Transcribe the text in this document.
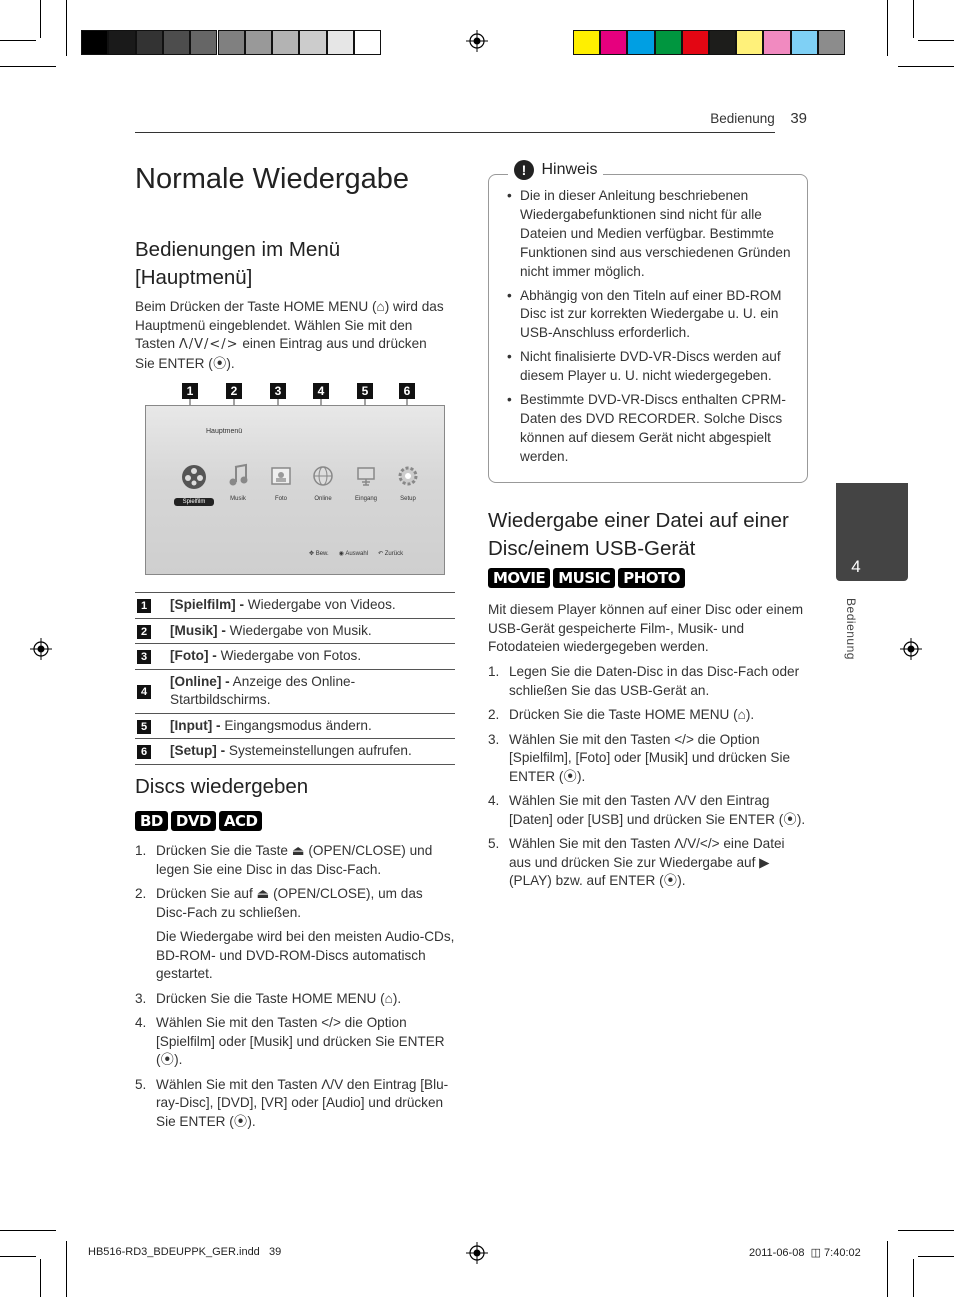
Bedienung 39
Normale Wiedergabe
Bedienungen im Menü [Hauptmenü]
Beim Drücken der Taste HOME MENU (⌂) wird das Hauptmenü eingeblendet. Wählen Sie mit den Tasten Λ/V/</> einen Eintrag aus und drücken Sie ENTER (⦿).
1	2	3	4	5	6
Hauptmenü
Spielfilm	Musik	Foto	Online	Eingang	Setup
✥ Bew. ◉ Auswahl ↶ Zurück
1	[Spielfilm] - Wiedergabe von Videos.
2	[Musik] - Wiedergabe von Musik.
3	[Foto] - Wiedergabe von Fotos.
4	[Online] - Anzeige des Online-Startbildschirms.
5	[Input] - Eingangsmodus ändern.
6	[Setup] - Systemeinstellungen aufrufen.
Discs wiedergeben
BD DVD ACD
1. Drücken Sie die Taste ⏏ (OPEN/CLOSE) und legen Sie eine Disc in das Disc-Fach.
2. Drücken Sie auf ⏏ (OPEN/CLOSE), um das Disc-Fach zu schließen.
Die Wiedergabe wird bei den meisten Audio-CDs, BD-ROM- und DVD-ROM-Discs automatisch gestartet.
3. Drücken Sie die Taste HOME MENU (⌂).
4. Wählen Sie mit den Tasten </> die Option [Spielfilm] oder [Musik] und drücken Sie ENTER (⦿).
5. Wählen Sie mit den Tasten Λ/V den Eintrag [Blu-ray-Disc], [DVD], [VR] oder [Audio] und drücken Sie ENTER (⦿).
• Die in dieser Anleitung beschriebenen Wiedergabefunktionen sind nicht für alle Dateien und Medien verfügbar. Bestimmte Funktionen sind aus verschiedenen Gründen nicht immer möglich.
• Abhängig von den Titeln auf einer BD-ROM Disc ist zur korrekten Wiedergabe u. U. ein USB-Anschluss erforderlich.
• Nicht finalisierte DVD-VR-Discs werden auf diesem Player u. U. nicht wiedergegeben.
• Bestimmte DVD-VR-Discs enthalten CPRM-Daten des DVD RECORDER. Solche Discs können auf diesem Gerät nicht abgespielt werden.
! Hinweis
Wiedergabe einer Datei auf einer Disc/einem USB-Gerät
MOVIE MUSIC PHOTO
Mit diesem Player können auf einer Disc oder einem USB-Gerät gespeicherte Film-, Musik- und Fotodateien wiedergegeben werden.
1. Legen Sie die Daten-Disc in das Disc-Fach oder schließen Sie das USB-Gerät an.
2. Drücken Sie die Taste HOME MENU (⌂).
3. Wählen Sie mit den Tasten </> die Option [Spielfilm], [Foto] oder [Musik] und drücken Sie ENTER (⦿).
4. Wählen Sie mit den Tasten Λ/V den Eintrag [Daten] oder [USB] und drücken Sie ENTER (⦿).
5. Wählen Sie mit den Tasten Λ/V/</> eine Datei aus und drücken Sie zur Wiedergabe auf ▶ (PLAY) bzw. auf ENTER (⦿).
4
Bedienung
HB516-RD3_BDEUPPK_GER.indd   39	2011-06-08 ◫ 7:40:02
